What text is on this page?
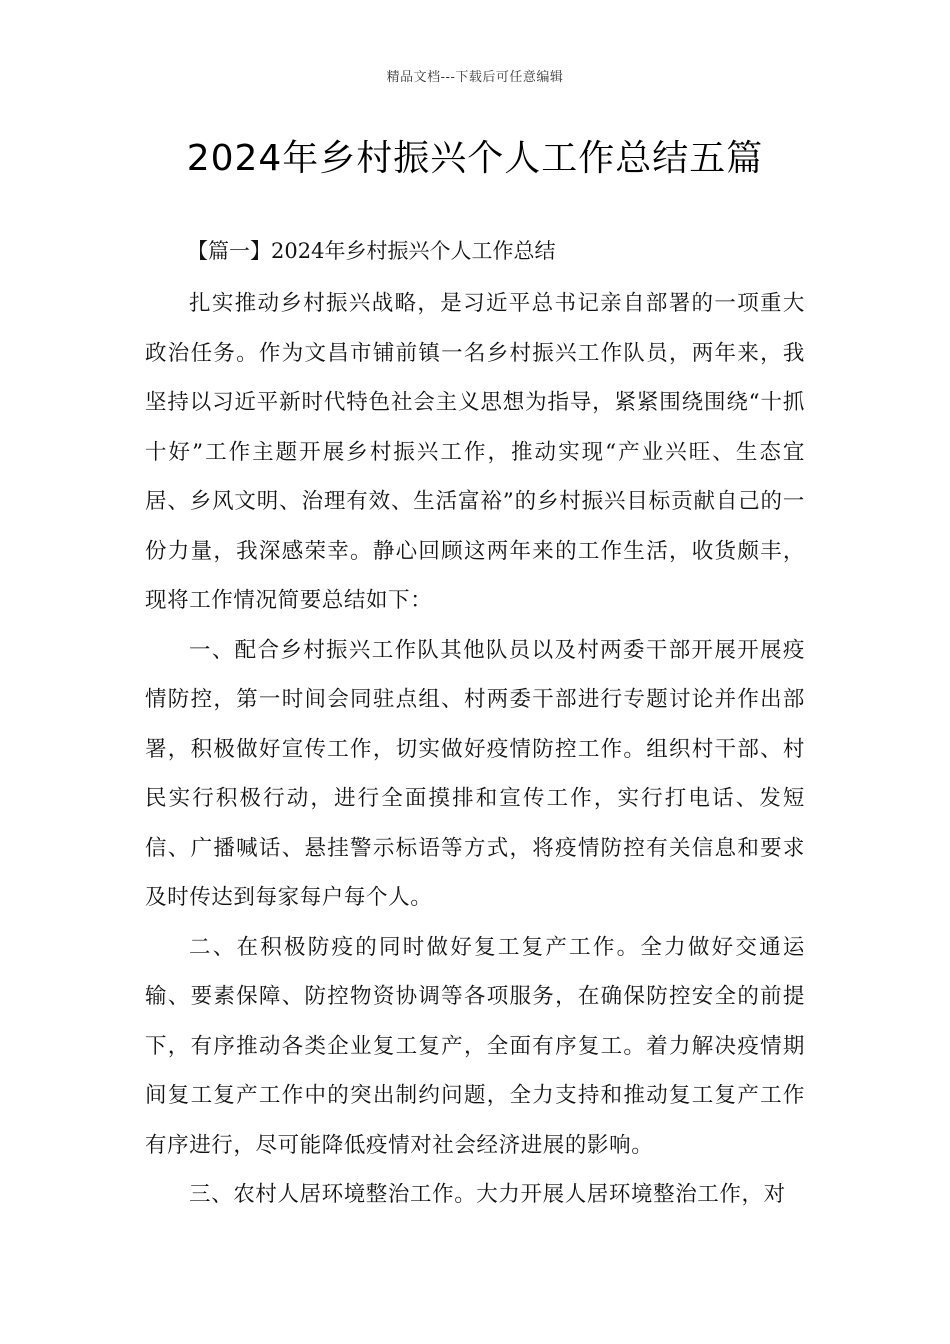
精品文档---下载后可任意编辑
2024年乡村振兴个人工作总结五篇
【篇一】2024年乡村振兴个人工作总结

扎实推动乡村振兴战略，是习近平总书记亲自部署的一项重大政治任务。作为文昌市铺前镇一名乡村振兴工作队员，两年来，我坚持以习近平新时代特色社会主义思想为指导，紧紧围绕围绕“十抓十好”工作主题开展乡村振兴工作，推动实现“产业兴旺、生态宜居、乡风文明、治理有效、生活富裕”的乡村振兴目标贡献自己的一份力量，我深感荣幸。静心回顾这两年来的工作生活，收货颇丰，现将工作情况简要总结如下：

一、配合乡村振兴工作队其他队员以及村两委干部开展开展疫情防控，第一时间会同驻点组、村两委干部进行专题讨论并作出部署，积极做好宣传工作，切实做好疫情防控工作。组织村干部、村民实行积极行动，进行全面摸排和宣传工作，实行打电话、发短信、广播喊话、悬挂警示标语等方式，将疫情防控有关信息和要求及时传达到每家每户每个人。

二、在积极防疫的同时做好复工复产工作。全力做好交通运输、要素保障、防控物资协调等各项服务，在确保防控安全的前提下，有序推动各类企业复工复产，全面有序复工。着力解决疫情期间复工复产工作中的突出制约问题，全力支持和推动复工复产工作有序进行，尽可能降低疫情对社会经济进展的影响。

三、农村人居环境整治工作。大力开展人居环境整治工作，对
